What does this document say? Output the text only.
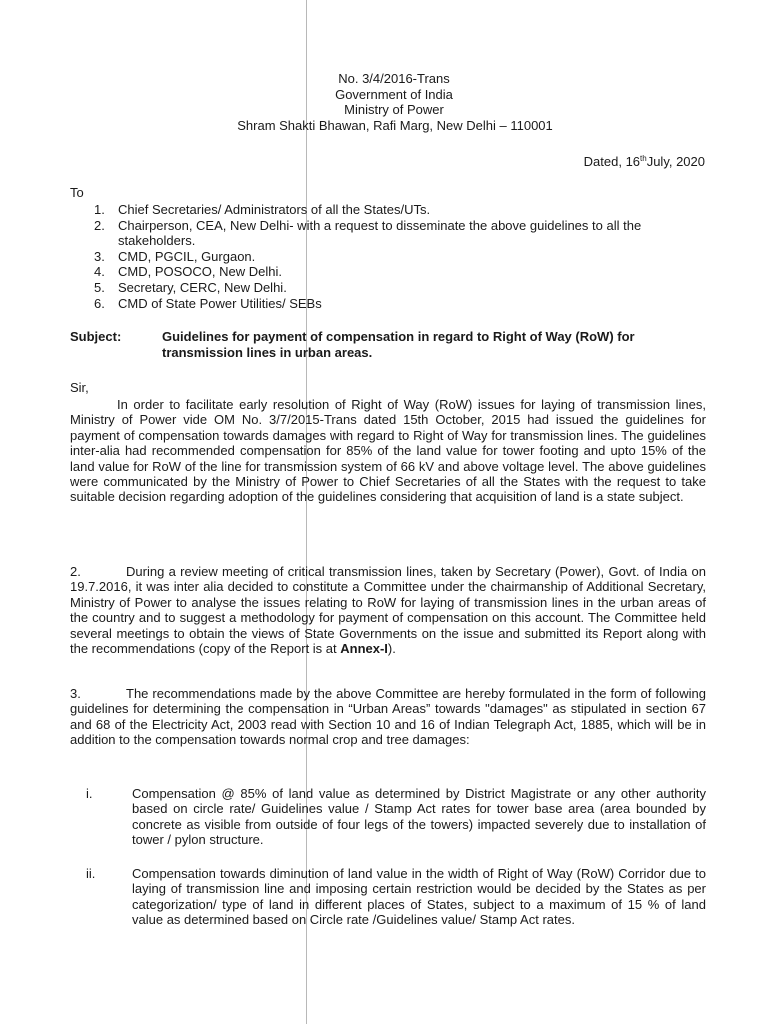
No. 3/4/2016-Trans
Government of India
Ministry of Power
Shram Shakti Bhawan, Rafi Marg, New Delhi – 110001
Dated, 16thJuly, 2020
To
1.	Chief Secretaries/ Administrators of all the States/UTs.
2.	Chairperson, CEA, New Delhi- with a request to disseminate the above guidelines to all the stakeholders.
3.	CMD, PGCIL, Gurgaon.
4.	CMD, POSOCO, New Delhi.
5.	Secretary, CERC, New Delhi.
6.	CMD of State Power Utilities/ SEBs
Subject:	Guidelines for payment of compensation in regard to Right of Way (RoW) for transmission lines in urban areas.
Sir,

In order to facilitate early resolution of Right of Way (RoW) issues for laying of transmission lines, Ministry of Power vide OM No. 3/7/2015-Trans dated 15th October, 2015 had issued the guidelines for payment of compensation towards damages with regard to Right of Way for transmission lines. The guidelines inter-alia had recommended compensation for 85% of the land value for tower footing and upto 15% of the land value for RoW of the line for transmission system of 66 kV and above voltage level. The above guidelines were communicated by the Ministry of Power to Chief Secretaries of all the States with the request to take suitable decision regarding adoption of the guidelines considering that acquisition of land is a state subject.

2.	During a review meeting of critical transmission lines, taken by Secretary (Power), Govt. of India on 19.7.2016, it was inter alia decided to constitute a Committee under the chairmanship of Additional Secretary, Ministry of Power to analyse the issues relating to RoW for laying of transmission lines in the urban areas of the country and to suggest a methodology for payment of compensation on this account. The Committee held several meetings to obtain the views of State Governments on the issue and submitted its Report along with the recommendations (copy of the Report is at Annex-I).

3.	The recommendations made by the above Committee are hereby formulated in the form of following guidelines for determining the compensation in “Urban Areas” towards "damages" as stipulated in section 67 and 68 of the Electricity Act, 2003 read with Section 10 and 16 of Indian Telegraph Act, 1885, which will be in addition to the compensation towards normal crop and tree damages:

i.	Compensation @ 85% of land value as determined by District Magistrate or any other authority based on circle rate/ Guidelines value / Stamp Act rates for tower base area (area bounded by concrete as visible from outside of four legs of the towers) impacted severely due to installation of tower / pylon structure.
ii.	Compensation towards diminution of land value in the width of Right of Way (RoW) Corridor due to laying of transmission line and imposing certain restriction would be decided by the States as per categorization/ type of land in different places of States, subject to a maximum of 15 % of land value as determined based on Circle rate /Guidelines value/ Stamp Act rates.
